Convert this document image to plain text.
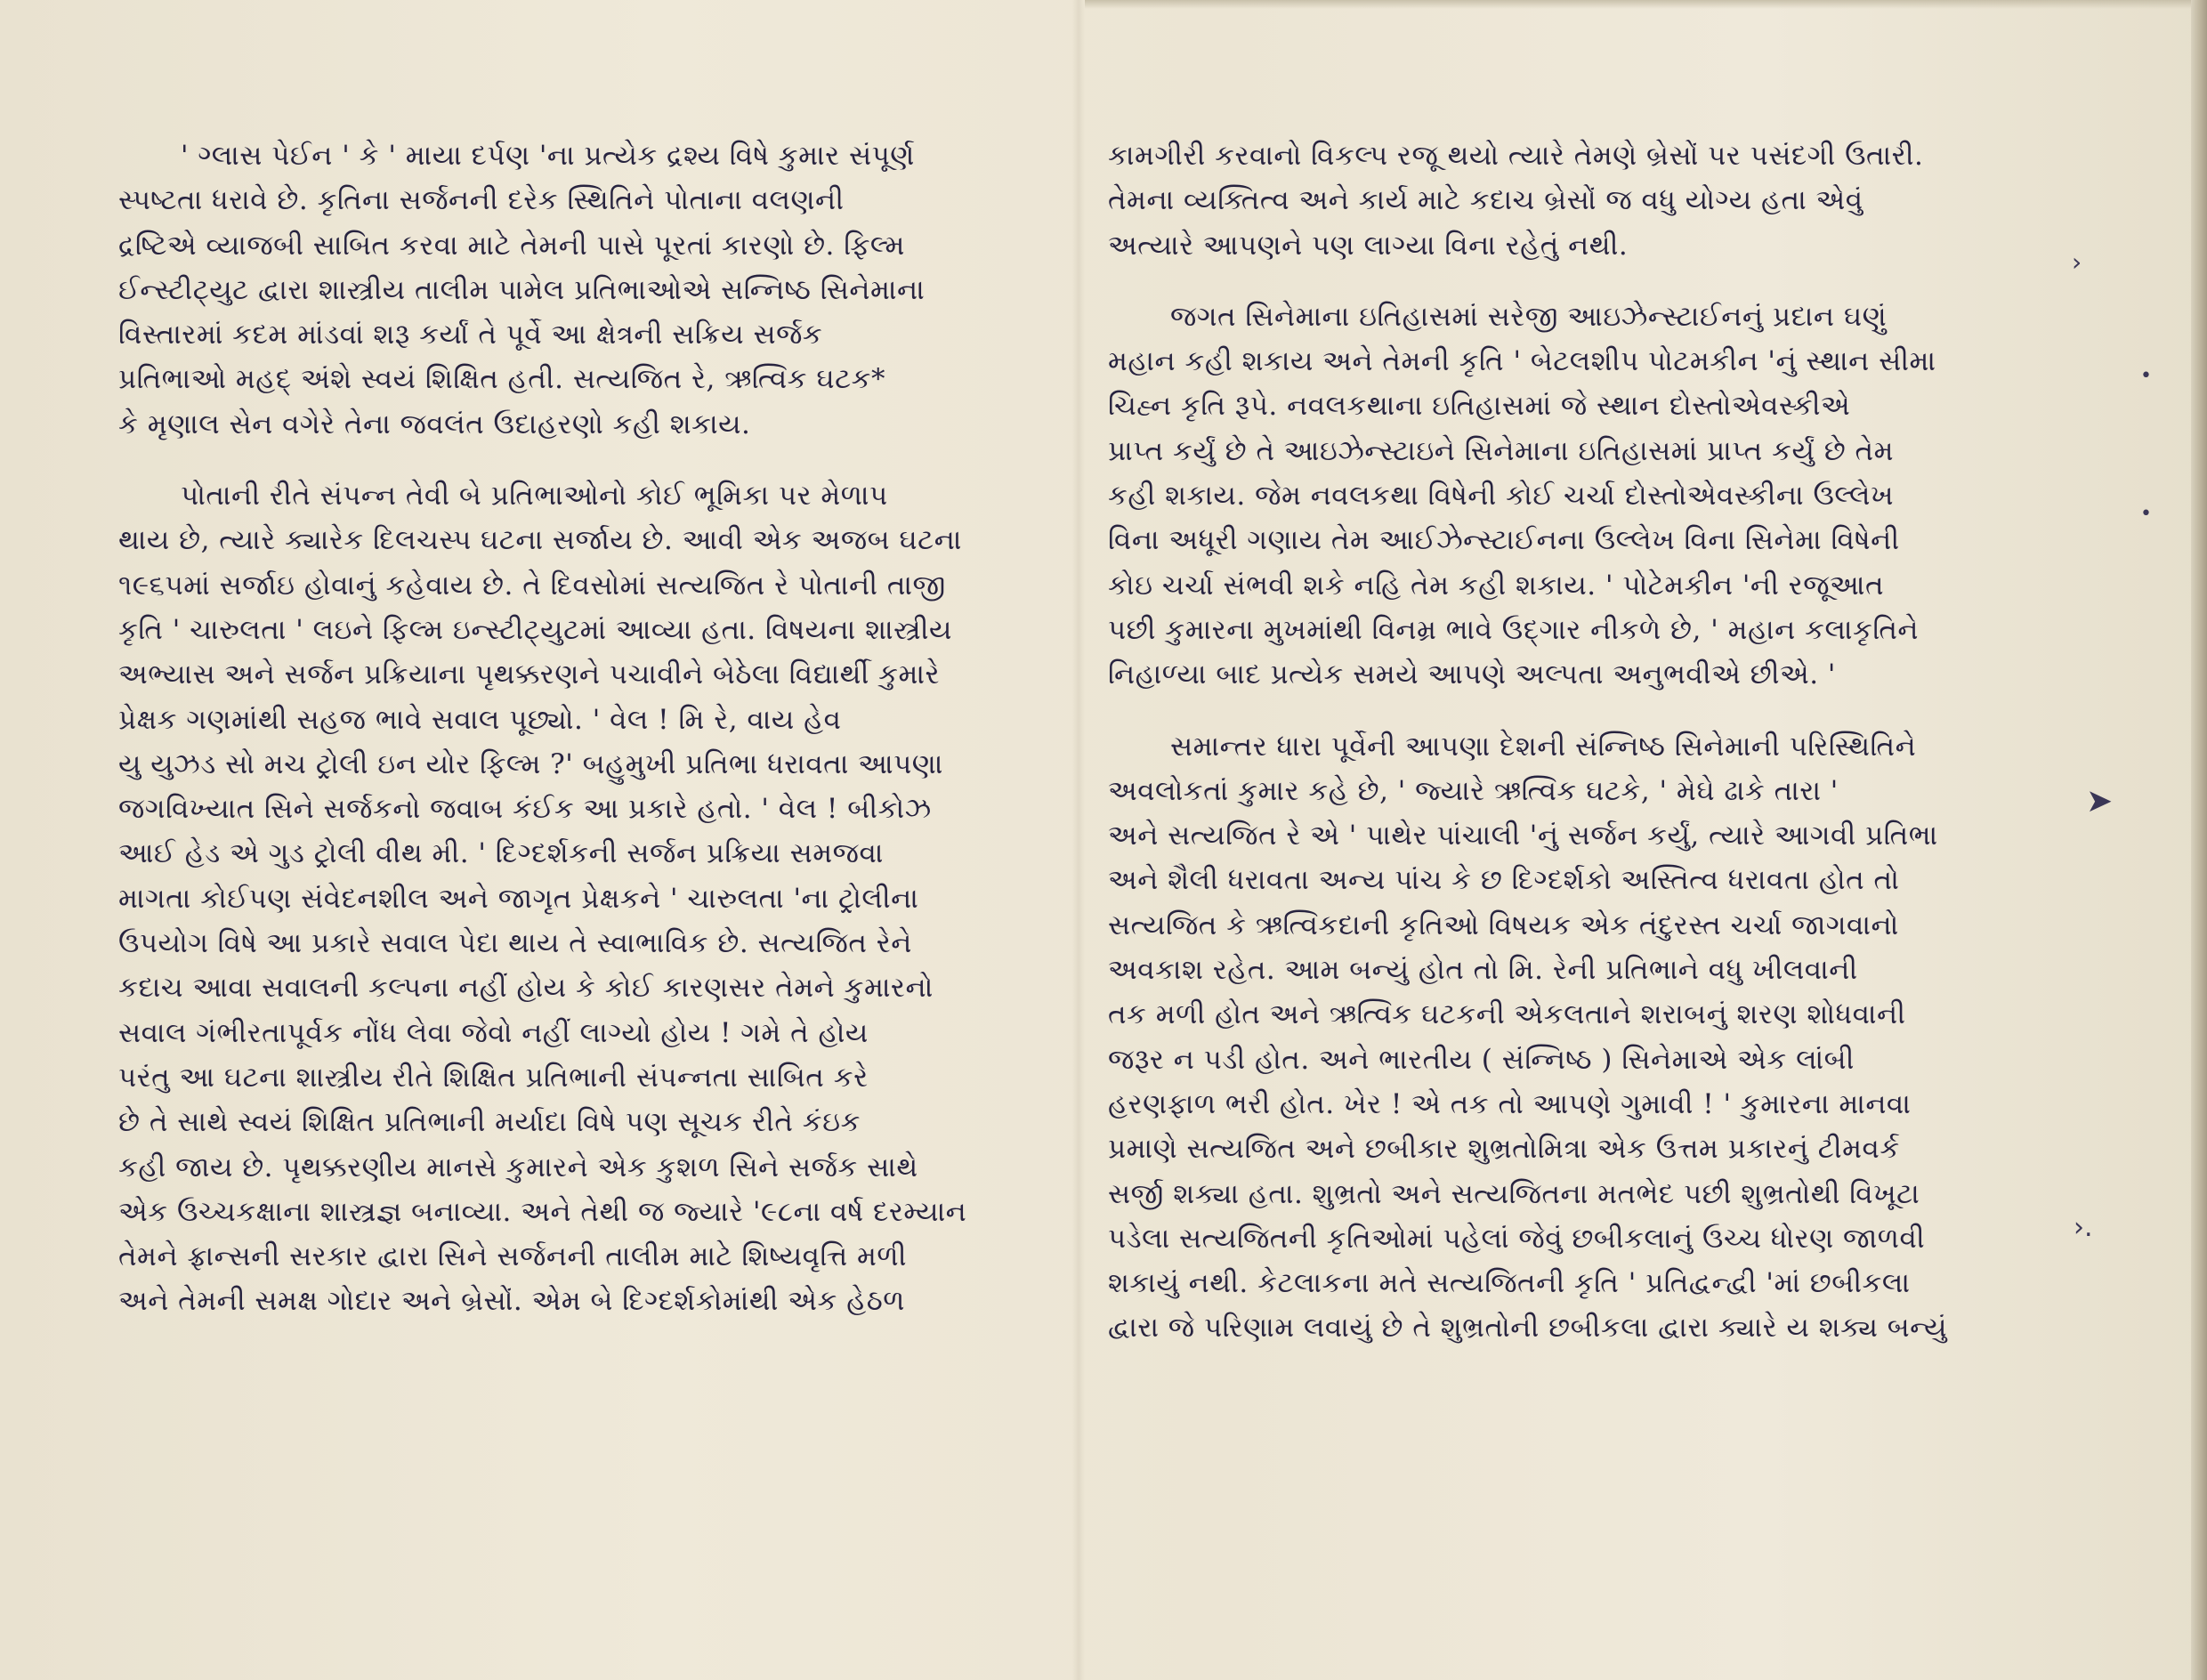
' ગ્લાસ પેઈન ' કે ' માયા દર્પણ 'ના પ્રત્યેક દ્રશ્ય વિષે કુમાર સંપૂર્ણ
સ્પષ્ટતા ધરાવે છે. કૃતિના સર્જનની દરેક સ્થિતિને પોતાના વલણની
દ્રષ્ટિએ વ્યાજબી સાબિત કરવા માટે તેમની પાસે પૂરતાં કારણો છે. ફિલ્મ
ઈન્સ્ટીટ્યુટ દ્વારા શાસ્ત્રીય તાલીમ પામેલ પ્રતિભાઓએ સન્નિષ્ઠ સિનેમાના
વિસ્તારમાં કદમ માંડવાં શરૂ કર્યાં તે પૂર્વે આ ક્ષેત્રની સક્રિય સર્જક
પ્રતિભાઓ મહદ્ અંશે સ્વયં શિક્ષિત હતી. સત્યજિત રે, ઋત્વિક ઘટક*
કે મૃણાલ સેન વગેરે તેના જવલંત ઉદાહરણો કહી શકાય.
પોતાની રીતે સંપન્ન તેવી બે પ્રતિભાઓનો કોઈ ભૂમિકા પર મેળાપ
થાય છે, ત્યારે ક્યારેક દિલચસ્પ ઘટના સર્જાય છે. આવી એક અજબ ઘટના
૧૯૬૫માં સર્જાઇ હોવાનું કહેવાય છે. તે દિવસોમાં સત્યજિત રે પોતાની તાજી
કૃતિ ' ચારુલતા ' લઇને ફિલ્મ ઇન્સ્ટીટ્યુટમાં આવ્યા હતા. વિષયના શાસ્ત્રીય
અભ્યાસ અને સર્જન પ્રક્રિયાના પૃથક્કરણને પચાવીને બેઠેલા વિદ્યાર્થી કુમારે
પ્રેક્ષક ગણમાંથી સહજ ભાવે સવાલ પૂછ્યો. ' વેલ ! મિ રે, વાય હેવ
યુ યુઝડ સો મચ ટ્રોલી ઇન યોર ફિલ્મ ?' બહુમુખી પ્રતિભા ધરાવતા આપણા
જગવિખ્યાત સિને સર્જકનો જવાબ કંઈક આ પ્રકારે હતો. ' વેલ ! બીકોઝ
આઈ હેડ એ ગુડ ટ્રોલી વીથ મી. ' દિગ્દર્શકની સર્જન પ્રક્રિયા સમજવા
માગતા કોઈપણ સંવેદનશીલ અને જાગૃત પ્રેક્ષકને ' ચારુલતા 'ના ટ્રોલીના
ઉપયોગ વિષે આ પ્રકારે સવાલ પેદા થાય તે સ્વાભાવિક છે. સત્યજિત રેને
કદાચ આવા સવાલની કલ્પના નહીં હોય કે કોઈ કારણસર તેમને કુમારનો
સવાલ ગંભીરતાપૂર્વક નોંધ લેવા જેવો નહીં લાગ્યો હોય ! ગમે તે હોય
પરંતુ આ ઘટના શાસ્ત્રીય રીતે શિક્ષિત પ્રતિભાની સંપન્નતા સાબિત કરે
છે તે સાથે સ્વયં શિક્ષિત પ્રતિભાની મર્યાદા વિષે પણ સૂચક રીતે કંઇક
કહી જાય છે. પૃથક્કરણીય માનસે કુમારને એક કુશળ સિને સર્જક સાથે
એક ઉચ્ચકક્ષાના શાસ્ત્રજ્ઞ બનાવ્યા. અને તેથી જ જ્યારે '૯૮ના વર્ષ દરમ્યાન
તેમને ફ્રાન્સની સરકાર દ્વારા સિને સર્જનની તાલીમ માટે શિષ્યવૃત્તિ મળી
અને તેમની સમક્ષ ગોદાર અને બ્રેસોં. એમ બે દિગ્દર્શકોમાંથી એક હેઠળ
કામગીરી કરવાનો વિકલ્પ રજૂ થયો ત્યારે તેમણે બ્રેસોં પર પસંદગી ઉતારી.
તેમના વ્યક્તિત્વ અને કાર્ય માટે કદાચ બ્રેસોં જ વધુ યોગ્ય હતા એવું
અત્યારે આપણને પણ લાગ્યા વિના રહેતું નથી.
જગત સિનેમાના ઇતિહાસમાં સરેજી આઇઝેન્સ્ટાઈનનું પ્રદાન ઘણું
મહાન કહી શકાય અને તેમની કૃતિ ' બેટલશીપ પોટમકીન 'નું સ્થાન સીમા
ચિહ્ન કૃતિ રૂપે. નવલકથાના ઇતિહાસમાં જે સ્થાન દોસ્તોએવસ્કીએ
પ્રાપ્ત કર્યું છે તે આઇઝેન્સ્ટાઇને સિનેમાના ઇતિહાસમાં પ્રાપ્ત કર્યું છે તેમ
કહી શકાય. જેમ નવલકથા વિષેની કોઈ ચર્ચા દોસ્તોએવસ્કીના ઉલ્લેખ
વિના અધૂરી ગણાય તેમ આઈઝેન્સ્ટાઈનના ઉલ્લેખ વિના સિનેમા વિષેની
કોઇ ચર્ચા સંભવી શકે નહિ તેમ કહી શકાય. ' પોટેમકીન 'ની રજૂઆત
પછી કુમારના મુખમાંથી વિનમ્ર ભાવે ઉદ્‌ગાર નીકળે છે, ' મહાન કલાકૃતિને
નિહાળ્યા બાદ પ્રત્યેક સમયે આપણે અલ્પતા અનુભવીએ છીએ. '
સમાન્તર ધારા પૂર્વેની આપણા દેશની સંન્નિષ્ઠ સિનેમાની પરિસ્થિતિને
અવલોકતાં કુમાર કહે છે, ' જ્યારે ઋત્વિક ઘટકે, ' મેઘે ઢાકે તારા '
અને સત્યજિત રે એ ' પાથેર પાંચાલી 'નું સર્જન કર્યું, ત્યારે આગવી પ્રતિભા
અને શૈલી ધરાવતા અન્ય પાંચ કે છ દિગ્દર્શકો અસ્તિત્વ ધરાવતા હોત તો
સત્યજિત કે ઋત્વિકદાની કૃતિઓ વિષયક એક તંદુરસ્ત ચર્ચા જાગવાનો
અવકાશ રહેત. આમ બન્યું હોત તો મિ. રેની પ્રતિભાને વધુ ખીલવાની
તક મળી હોત અને ઋત્વિક ઘટકની એકલતાને શરાબનું શરણ શોધવાની
જરૂર ન પડી હોત. અને ભારતીય ( સંન્નિષ્ઠ ) સિનેમાએ એક લાંબી
હરણફાળ ભરી હોત. ખેર ! એ તક તો આપણે ગુમાવી ! ' કુમારના માનવા
પ્રમાણે સત્યજિત અને છબીકાર શુભ્રતોમિત્રા એક ઉત્તમ પ્રકારનું ટીમવર્ક
સર્જી શક્યા હતા. શુભ્રતો અને સત્યજિતના મતભેદ પછી શુભ્રતોથી વિખૂટા
પડેલા સત્યજિતની કૃતિઓમાં પહેલાં જેવું છબીકલાનું ઉચ્ચ ધોરણ જાળવી
શકાયું નથી. કેટલાકના મતે સત્યજિતની કૃતિ ' પ્રતિદ્વન્દ્વી 'માં છબીકલા
દ્વારા જે પરિણામ લવાયું છે તે શુભ્રતોની છબીકલા દ્વારા ક્યારે ય શક્ય બન્યું
›
•
•
➤
›.
